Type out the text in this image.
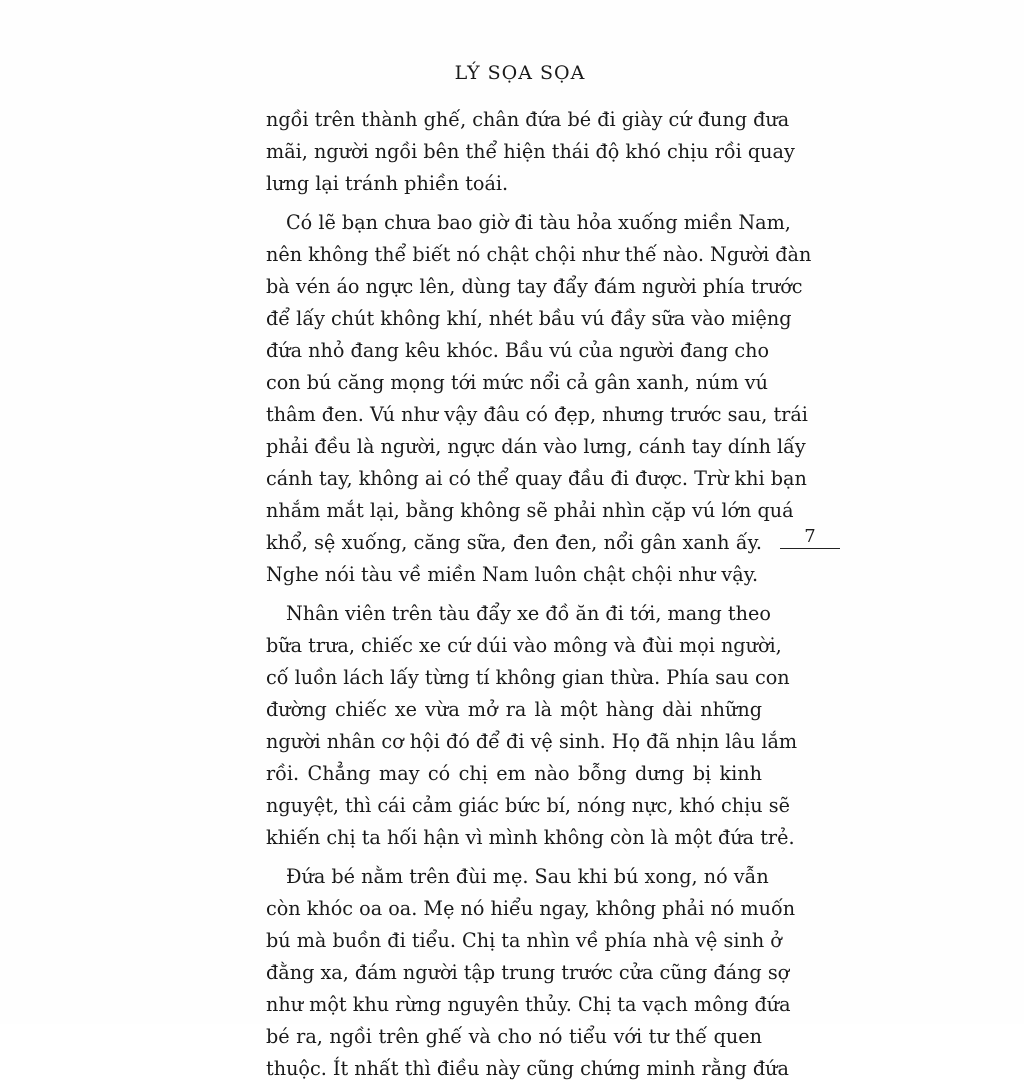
LÝ SỌA SỌA
ngồi trên thành ghế, chân đứa bé đi giày cứ đung đưa
mãi, người ngồi bên thể hiện thái độ khó chịu rồi quay
lưng lại tránh phiền toái.
Có lẽ bạn chưa bao giờ đi tàu hỏa xuống miền Nam,
nên không thể biết nó chật chội như thế nào. Người đàn
bà vén áo ngực lên, dùng tay đẩy đám người phía trước
để lấy chút không khí, nhét bầu vú đầy sữa vào miệng
đứa nhỏ đang kêu khóc. Bầu vú của người đang cho
con bú căng mọng tới mức nổi cả gân xanh, núm vú
thâm đen. Vú như vậy đâu có đẹp, nhưng trước sau, trái
phải đều là người, ngực dán vào lưng, cánh tay dính lấy
cánh tay, không ai có thể quay đầu đi được. Trừ khi bạn
nhắm mắt lại, bằng không sẽ phải nhìn cặp vú lớn quá
khổ, sệ xuống, căng sữa, đen đen, nổi gân xanh ấy.
Nghe nói tàu về miền Nam luôn chật chội như vậy.
Nhân viên trên tàu đẩy xe đồ ăn đi tới, mang theo
bữa trưa, chiếc xe cứ dúi vào mông và đùi mọi người,
cố luồn lách lấy từng tí không gian thừa. Phía sau con
đường chiếc xe vừa mở ra là một hàng dài những
người nhân cơ hội đó để đi vệ sinh. Họ đã nhịn lâu lắm
rồi. Chẳng may có chị em nào bỗng dưng bị kinh
nguyệt, thì cái cảm giác bức bí, nóng nực, khó chịu sẽ
khiến chị ta hối hận vì mình không còn là một đứa trẻ.
Đứa bé nằm trên đùi mẹ. Sau khi bú xong, nó vẫn
còn khóc oa oa. Mẹ nó hiểu ngay, không phải nó muốn
bú mà buồn đi tiểu. Chị ta nhìn về phía nhà vệ sinh ở
đằng xa, đám người tập trung trước cửa cũng đáng sợ
như một khu rừng nguyên thủy. Chị ta vạch mông đứa
bé ra, ngồi trên ghế và cho nó tiểu với tư thế quen
thuộc. Ít nhất thì điều này cũng chứng minh rằng đứa
7
